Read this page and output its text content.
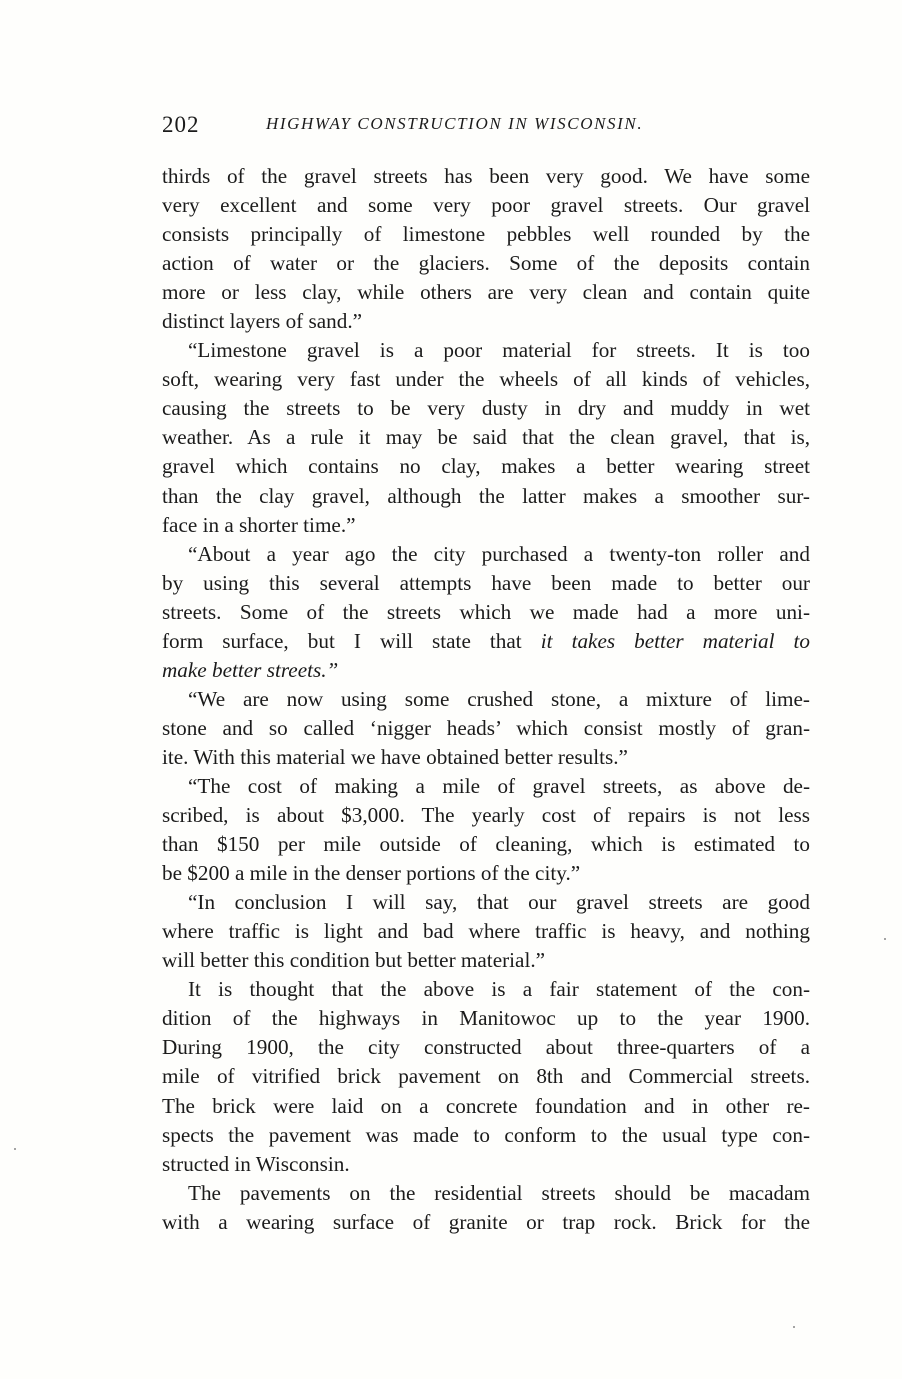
202	HIGHWAY CONSTRUCTION IN WISCONSIN.
thirds of the gravel streets has been very good. We have some
very excellent and some very poor gravel streets. Our gravel
consists principally of limestone pebbles well rounded by the
action of water or the glaciers. Some of the deposits contain
more or less clay, while others are very clean and contain quite
distinct layers of sand.”
“Limestone gravel is a poor material for streets. It is too
soft, wearing very fast under the wheels of all kinds of vehicles,
causing the streets to be very dusty in dry and muddy in wet
weather. As a rule it may be said that the clean gravel, that is,
gravel which contains no clay, makes a better wearing street
than the clay gravel, although the latter makes a smoother sur-
face in a shorter time.”
“About a year ago the city purchased a twenty-ton roller and
by using this several attempts have been made to better our
streets. Some of the streets which we made had a more uni-
form surface, but I will state that it takes better material to
make better streets.”
“We are now using some crushed stone, a mixture of lime-
stone and so called ‘nigger heads’ which consist mostly of gran-
ite. With this material we have obtained better results.”
“The cost of making a mile of gravel streets, as above de-
scribed, is about $3,000. The yearly cost of repairs is not less
than $150 per mile outside of cleaning, which is estimated to
be $200 a mile in the denser portions of the city.”
“In conclusion I will say, that our gravel streets are good
where traffic is light and bad where traffic is heavy, and nothing
will better this condition but better material.”
It is thought that the above is a fair statement of the con-
dition of the highways in Manitowoc up to the year 1900.
During 1900, the city constructed about three-quarters of a
mile of vitrified brick pavement on 8th and Commercial streets.
The brick were laid on a concrete foundation and in other re-
spects the pavement was made to conform to the usual type con-
structed in Wisconsin.
The pavements on the residential streets should be macadam
with a wearing surface of granite or trap rock. Brick for the
